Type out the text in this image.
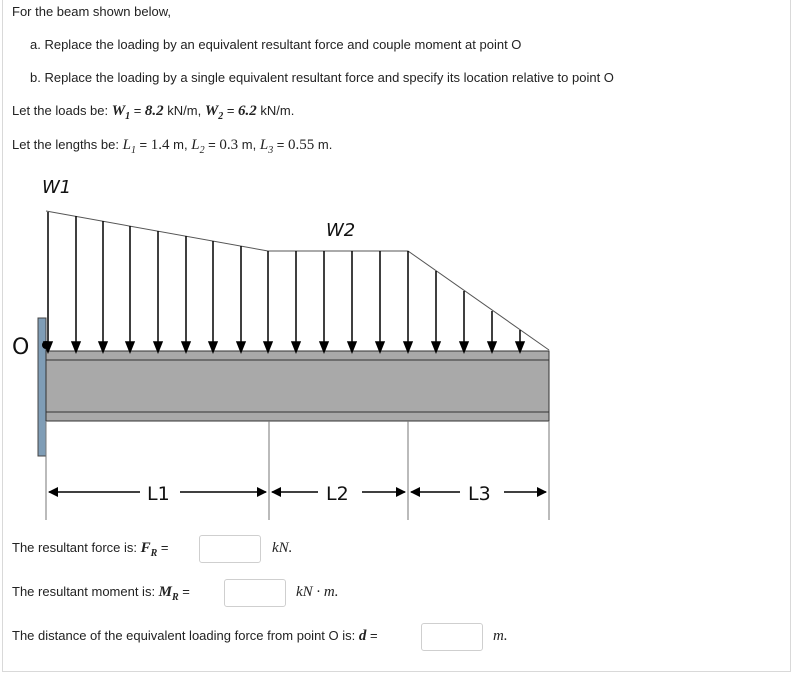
For the beam shown below,
a. Replace the loading by an equivalent resultant force and couple moment at point O
b. Replace the loading by a single equivalent resultant force and specify its location relative to point O
Let the loads be: $W_1 = 8.2$ kN/m, $W_2 = 6.2$ kN/m.
Let the lengths be: $L_1 = 1.4$ m, $L_2 = 0.3$ m, $L_3 = 0.55$ m.
W1
W2
O
L1	L2	L3
The resultant force is: $F_R$ =	kN.
The resultant moment is: $M_R$ =	kN · m.
The distance of the equivalent loading force from point O is: d =	m.
